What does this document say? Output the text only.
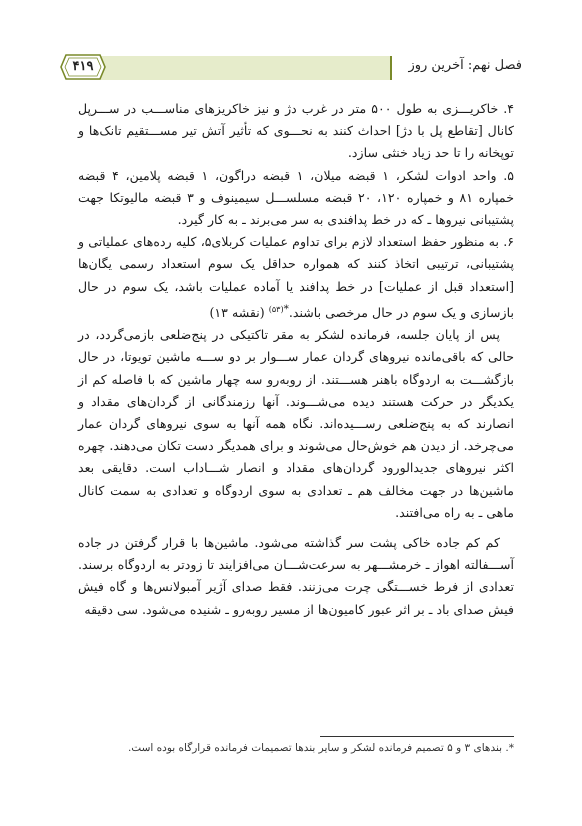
فصل نهم: آخرین روز
۴۱۹

۴. خاکریـــزی به طول ۵۰۰ متر در غرب دژ و نیز خاکریزهای مناســـب در ســـرپل کانال [تقاطع پل با دژ] احداث کنند به نحـــوی که تأثیر آتش تیر مســـتقیم تانک‌ها و توپخانه را تا حد زیاد خنثی سازد.

۵. واحد ادوات لشکر، ۱ قبضه میلان، ۱ قبضه دراگون، ۱ قبضه پلامین، ۴ قبضه خمپاره ۸۱ و خمپاره ۱۲۰، ۲۰ قبضه مسلســـل سیمینوف و ۳ قبضه مالیوتکا جهت پشتیبانی نیروها ـ که در خط پدافندی به سر می‌برند ـ به کار گیرد.

۶. به منظور حفظ استعداد لازم برای تداوم عملیات کربلای۵، کلیه رده‌های عملیاتی و پشتیبانی، ترتیبی اتخاذ کنند که همواره حداقل یک سوم استعداد رسمی یگان‌ها [استعداد قبل از عملیات] در خط پدافند یا آماده عملیات باشد، یک سوم در حال بازسازی و یک سوم در حال مرخصی باشند.$^{*(۵۳)}$ (نقشه ۱۳)

پس از پایان جلسه، فرمانده لشکر به مقر تاکتیکی در پنج‌ضلعی بازمی‌گردد، در حالی که باقی‌مانده نیروهای گردان عمار ســـوار بر دو ســـه ماشین تویوتا، در حال بازگشـــت به اردوگاه باهنر هســـتند. از روبه‌رو سه چهار ماشین که با فاصله کم از یکدیگر در حرکت هستند دیده می‌شـــوند. آنها رزمندگانی از گردان‌های مقداد و انصارند که به پنج‌ضلعی رســـیده‌اند. نگاه همه آنها به سوی نیروهای گردان عمار می‌چرخد. از دیدن هم خوش‌حال می‌شوند و برای همدیگر دست تکان می‌دهند. چهره اکثر نیروهای جدیدالورود گردان‌های مقداد و انصار شـــاداب است. دقایقی بعد ماشین‌ها در جهت مخالف هم ـ تعدادی به سوی اردوگاه و تعدادی به سمت کانال ماهی ـ به راه می‌افتند.

کم کم جاده خاکی پشت سر گذاشته می‌شود. ماشین‌ها با قرار گرفتن در جاده آســـفالته اهواز ـ خرمشـــهر به سرعت‌شـــان می‌افزایند تا زودتر به اردوگاه برسند. تعدادی از فرط خســـتگی چرت می‌زنند. فقط صدای آژیر آمبولانس‌ها و گاه فیش فیش صدای باد ـ بر اثر عبور کامیون‌ها از مسیر روبه‌رو ـ شنیده می‌شود. سی دقیقه

*. بندهای ۳ و ۵ تصمیم فرمانده لشکر و سایر بندها تصمیمات فرمانده قرارگاه بوده است.
